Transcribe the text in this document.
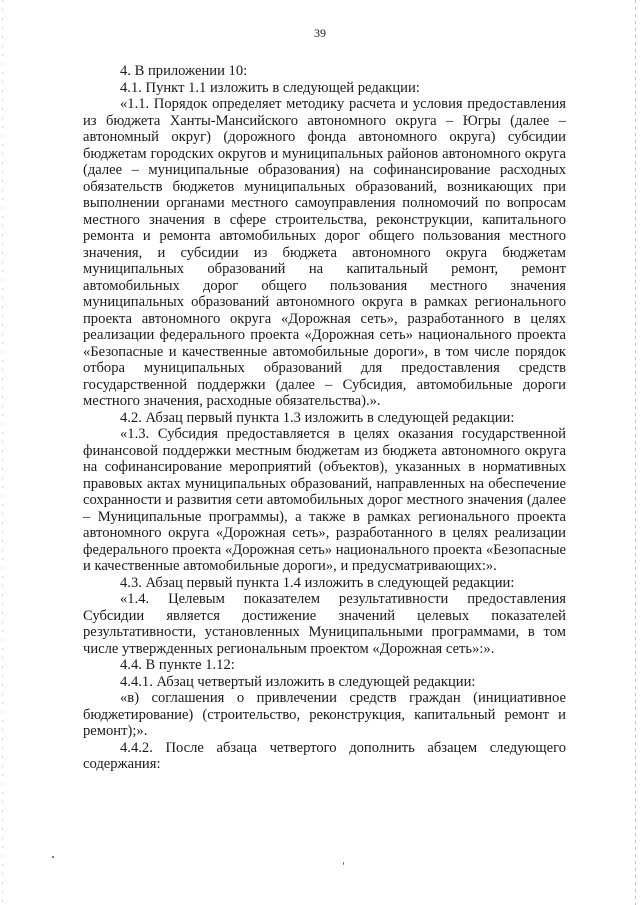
39

4. В приложении 10:

4.1. Пункт 1.1 изложить в следующей редакции:

«1.1. Порядок определяет методику расчета и условия предоставления из бюджета Ханты-Мансийского автономного округа – Югры (далее – автономный округ) (дорожного фонда автономного округа) субсидии бюджетам городских округов и муниципальных районов автономного округа (далее – муниципальные образования) на софинансирование расходных обязательств бюджетов муниципальных образований, возникающих при выполнении органами местного самоуправления полномочий по вопросам местного значения в сфере строительства, реконструкции, капитального ремонта и ремонта автомобильных дорог общего пользования местного значения, и субсидии из бюджета автономного округа бюджетам муниципальных образований на капитальный ремонт, ремонт автомобильных дорог общего пользования местного значения муниципальных образований автономного округа в рамках регионального проекта автономного округа «Дорожная сеть», разработанного в целях реализации федерального проекта «Дорожная сеть» национального проекта «Безопасные и качественные автомобильные дороги», в том числе порядок отбора муниципальных образований для предоставления средств государственной поддержки (далее – Субсидия, автомобильные дороги местного значения, расходные обязательства).».

4.2. Абзац первый пункта 1.3 изложить в следующей редакции:

«1.3. Субсидия предоставляется в целях оказания государственной финансовой поддержки местным бюджетам из бюджета автономного округа на софинансирование мероприятий (объектов), указанных в нормативных правовых актах муниципальных образований, направленных на обеспечение сохранности и развития сети автомобильных дорог местного значения (далее – Муниципальные программы), а также в рамках регионального проекта автономного округа «Дорожная сеть», разработанного в целях реализации федерального проекта «Дорожная сеть» национального проекта «Безопасные и качественные автомобильные дороги», и предусматривающих:».

4.3. Абзац первый пункта 1.4 изложить в следующей редакции:

«1.4. Целевым показателем результативности предоставления Субсидии является достижение значений целевых показателей результативности, установленных Муниципальными программами, в том числе утвержденных региональным проектом «Дорожная сеть»:».

4.4. В пункте 1.12:

4.4.1. Абзац четвертый изложить в следующей редакции:

«в) соглашения о привлечении средств граждан (инициативное бюджетирование) (строительство, реконструкция, капитальный ремонт и ремонт);».

4.4.2. После абзаца четвертого дополнить абзацем следующего содержания:
